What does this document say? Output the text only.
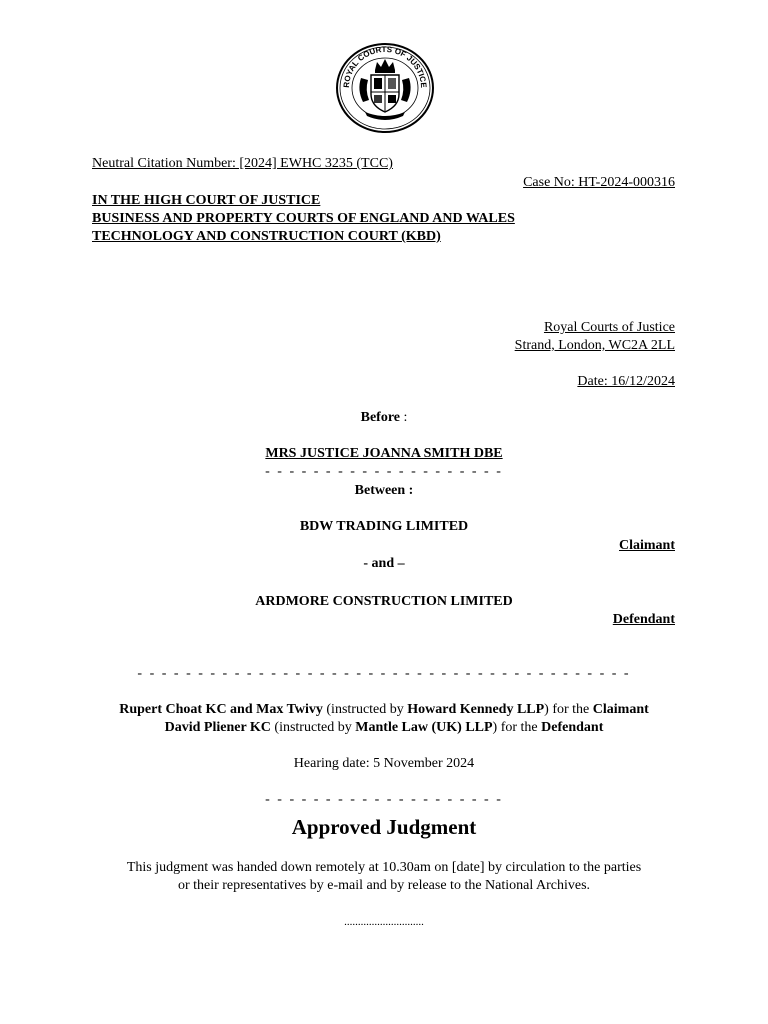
ROYAL COURTS OF JUSTICE
Neutral Citation Number: [2024] EWHC 3235 (TCC)
Case No: HT-2024-000316
IN THE HIGH COURT OF JUSTICE
BUSINESS AND PROPERTY COURTS OF ENGLAND AND WALES
TECHNOLOGY AND CONSTRUCTION COURT (KBD)
Royal Courts of Justice
Strand, London, WC2A 2LL
Date: 16/12/2024
Before :
MRS JUSTICE JOANNA SMITH DBE
- - - - - - - - - - - - - - - - - - - -
Between :
BDW TRADING LIMITED
Claimant
- and –
ARDMORE CONSTRUCTION LIMITED
Defendant
- - - - - - - - - - - - - - - - - - - - - - - - - - - - - - - - - - - - - - - - -
Rupert Choat KC and Max Twivy (instructed by Howard Kennedy LLP) for the Claimant
David Pliener KC (instructed by Mantle Law (UK) LLP) for the Defendant
Hearing date: 5 November 2024
- - - - - - - - - - - - - - - - - - - -
Approved Judgment
This judgment was handed down remotely at 10.30am on [date] by circulation to the parties
or their representatives by e-mail and by release to the National Archives.
.............................
